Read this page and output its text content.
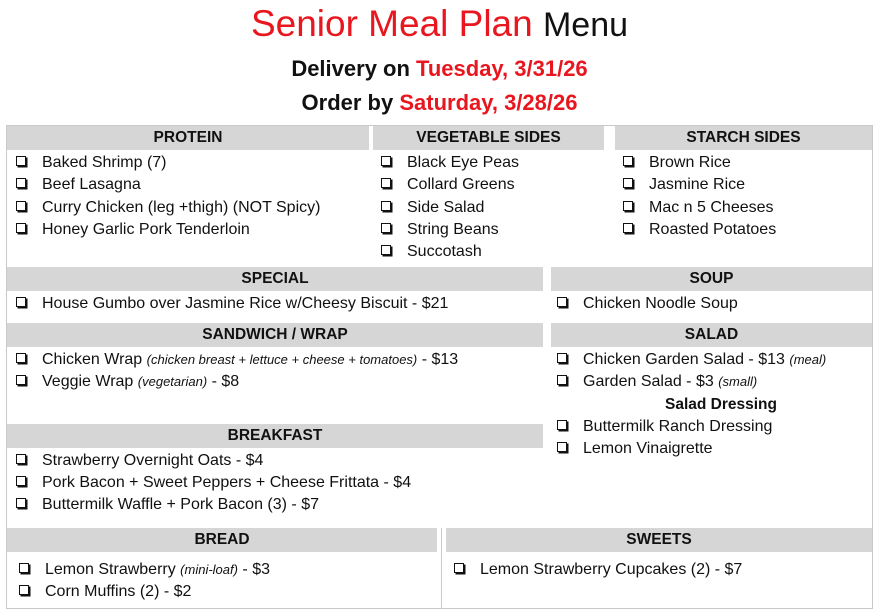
Senior Meal Plan Menu
Delivery on Tuesday, 3/31/26
Order by Saturday, 3/28/26
PROTEIN	VEGETABLE SIDES	STARCH SIDES
Baked Shrimp (7)
Beef Lasagna
Curry Chicken (leg +thigh) (NOT Spicy)
Honey Garlic Pork Tenderloin
Black Eye Peas
Collard Greens
Side Salad
String Beans
Succotash
Brown Rice
Jasmine Rice
Mac n 5 Cheeses
Roasted Potatoes
SPECIAL	SOUP
House Gumbo over Jasmine Rice w/Cheesy Biscuit - $21	Chicken Noodle Soup
SANDWICH / WRAP	SALAD
Chicken Wrap (chicken breast + lettuce + cheese + tomatoes) - $13
Veggie Wrap (vegetarian) - $8
Chicken Garden Salad - $13 (meal)
Garden Salad - $3 (small)
Salad Dressing
Buttermilk Ranch Dressing
Lemon Vinaigrette
BREAKFAST
Strawberry Overnight Oats - $4
Pork Bacon + Sweet Peppers + Cheese Frittata - $4
Buttermilk Waffle + Pork Bacon (3) - $7
BREAD	SWEETS
Lemon Strawberry (mini-loaf) - $3
Corn Muffins (2) - $2
Lemon Strawberry Cupcakes (2) - $7
